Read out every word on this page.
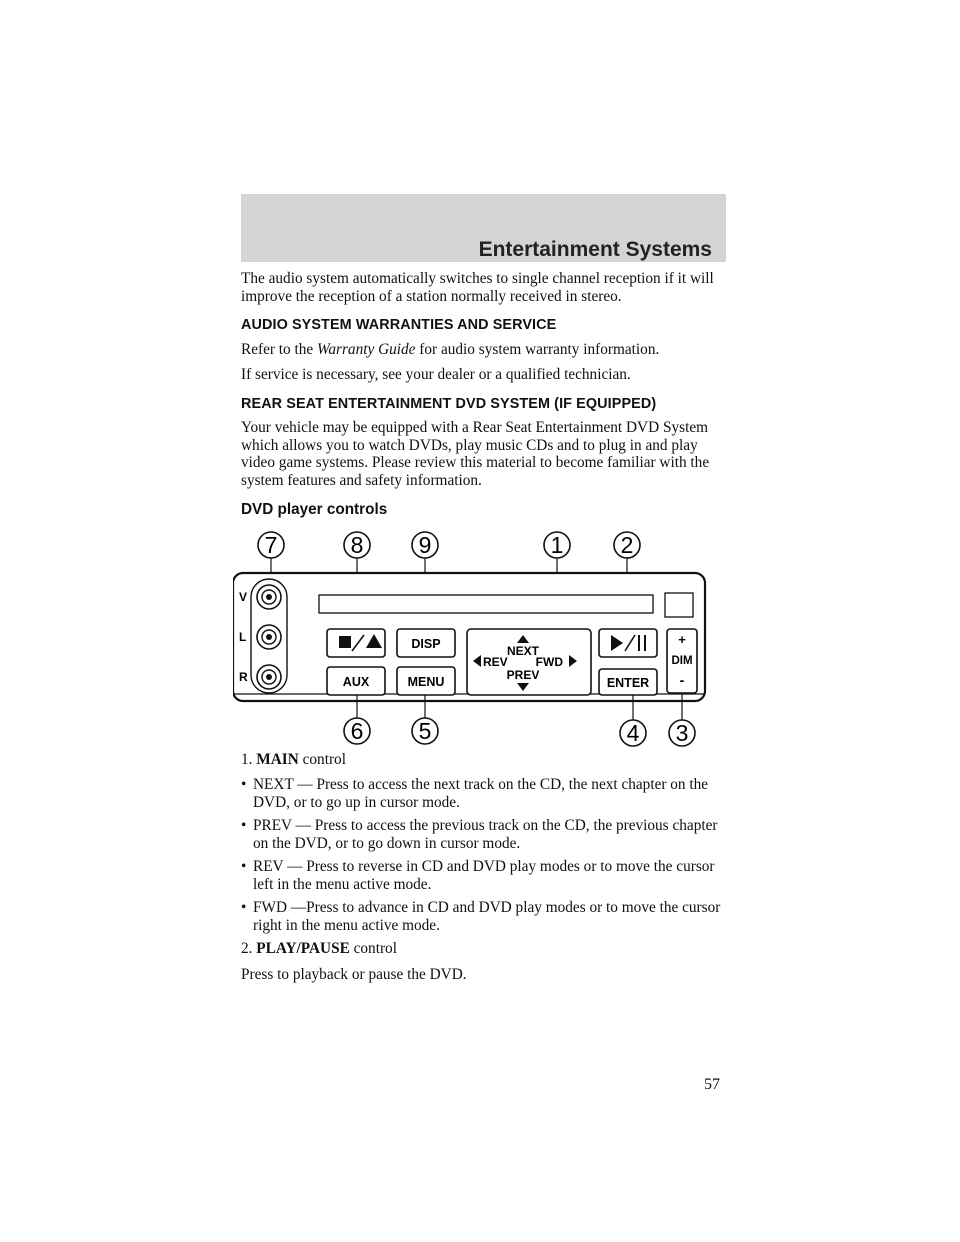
Entertainment Systems

The audio system automatically switches to single channel reception if it will improve the reception of a station normally received in stereo.

AUDIO SYSTEM WARRANTIES AND SERVICE

Refer to the Warranty Guide for audio system warranty information.

If service is necessary, see your dealer or a qualified technician.

REAR SEAT ENTERTAINMENT DVD SYSTEM (IF EQUIPPED)

Your vehicle may be equipped with a Rear Seat Entertainment DVD System which allows you to watch DVDs, play music CDs and to plug in and play video game systems. Please review this material to become familiar with the system features and safety information.

DVD player controls
7	8 9	1 2
V
L
R
DISP
AUX	MENU
NEXT
REV FWD
PREV
ENTER
+
DIM
-
6 5	4 3

1. MAIN control

• NEXT — Press to access the next track on the CD, the next chapter on the DVD, or to go up in cursor mode.
• PREV — Press to access the previous track on the CD, the previous chapter on the DVD, or to go down in cursor mode.
• REV — Press to reverse in CD and DVD play modes or to move the cursor left in the menu active mode.
• FWD —Press to advance in CD and DVD play modes or to move the cursor right in the menu active mode.

2. PLAY/PAUSE control

Press to playback or pause the DVD.

57
